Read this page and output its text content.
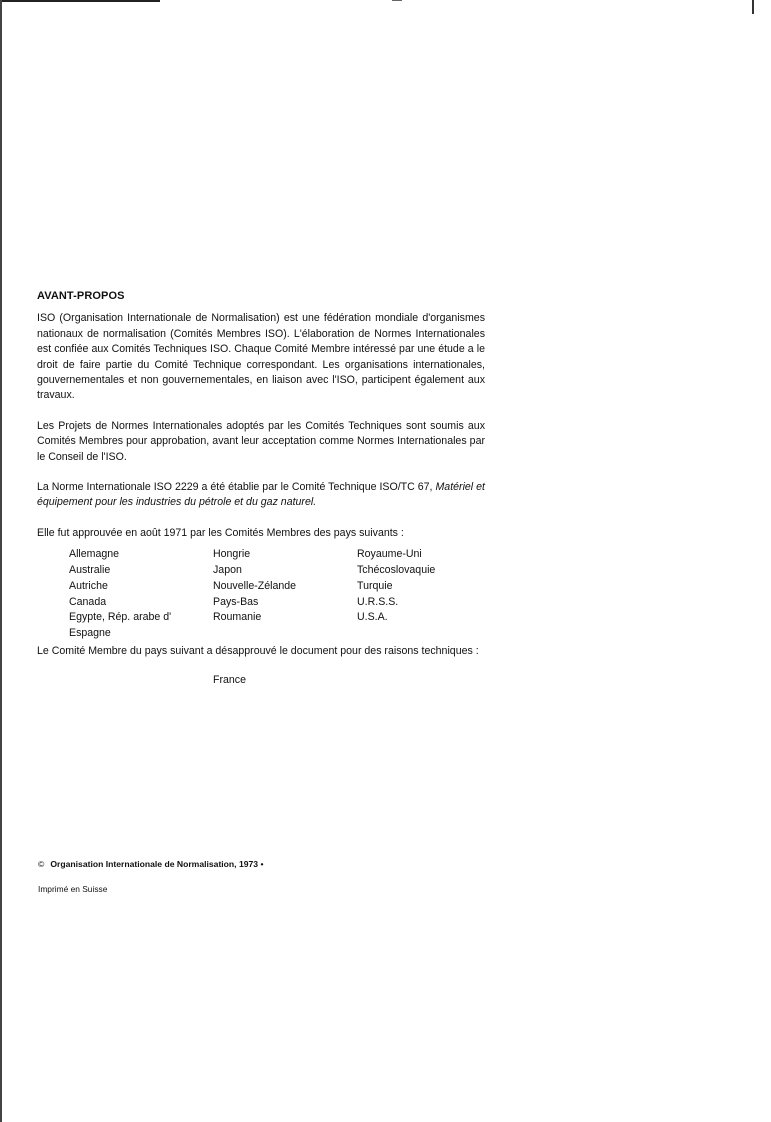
AVANT-PROPOS

ISO (Organisation Internationale de Normalisation) est une fédération mondiale d'organismes nationaux de normalisation (Comités Membres ISO). L'élaboration de Normes Internationales est confiée aux Comités Techniques ISO. Chaque Comité Membre intéressé par une étude a le droit de faire partie du Comité Technique correspondant. Les organisations internationales, gouvernementales et non gouvernementales, en liaison avec l'ISO, participent également aux travaux.

Les Projets de Normes Internationales adoptés par les Comités Techniques sont soumis aux Comités Membres pour approbation, avant leur acceptation comme Normes Internationales par le Conseil de l'ISO.

La Norme Internationale ISO 2229 a été établie par le Comité Technique ISO/TC 67, Matériel et équipement pour les industries du pétrole et du gaz naturel.

Elle fut approuvée en août 1971 par les Comités Membres des pays suivants :

Allemagne
Australie
Autriche
Canada
Egypte, Rép. arabe d'
Espagne
Hongrie
Japon
Nouvelle-Zélande
Pays-Bas
Roumanie
Royaume-Uni
Tchécoslovaquie
Turquie
U.R.S.S.
U.S.A.

Le Comité Membre du pays suivant a désapprouvé le document pour des raisons techniques :

France
© Organisation Internationale de Normalisation, 1973 •
Imprimé en Suisse
